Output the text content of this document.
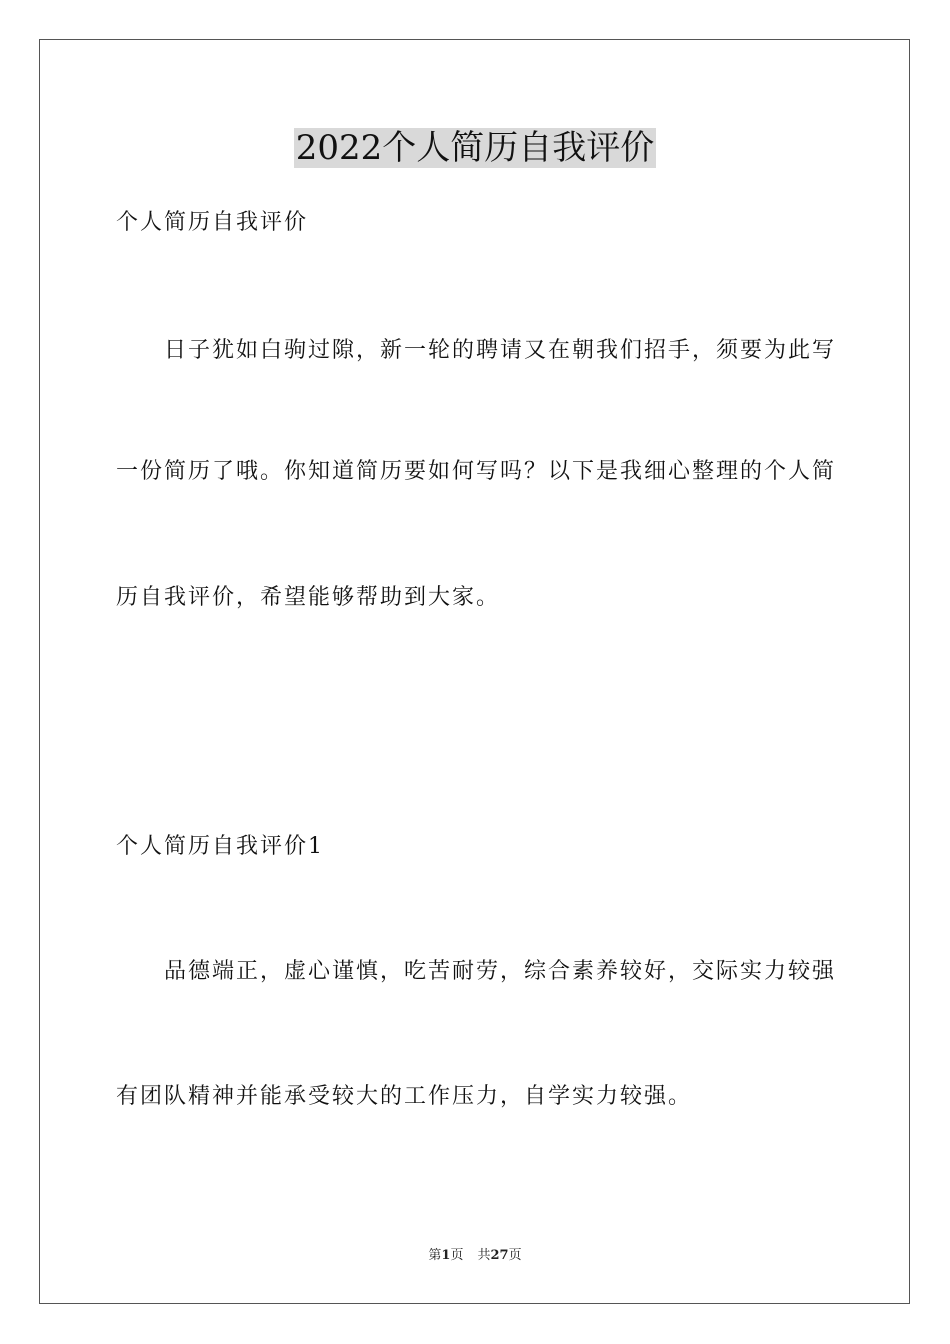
2022个人简历自我评价
个人简历自我评价
日子犹如白驹过隙，新一轮的聘请又在朝我们招手，须要为此写
一份简历了哦。你知道简历要如何写吗？以下是我细心整理的个人简
历自我评价，希望能够帮助到大家。
个人简历自我评价1
品德端正，虚心谨慎，吃苦耐劳，综合素养较好，交际实力较强
有团队精神并能承受较大的工作压力，自学实力较强。
第1页 共27页
